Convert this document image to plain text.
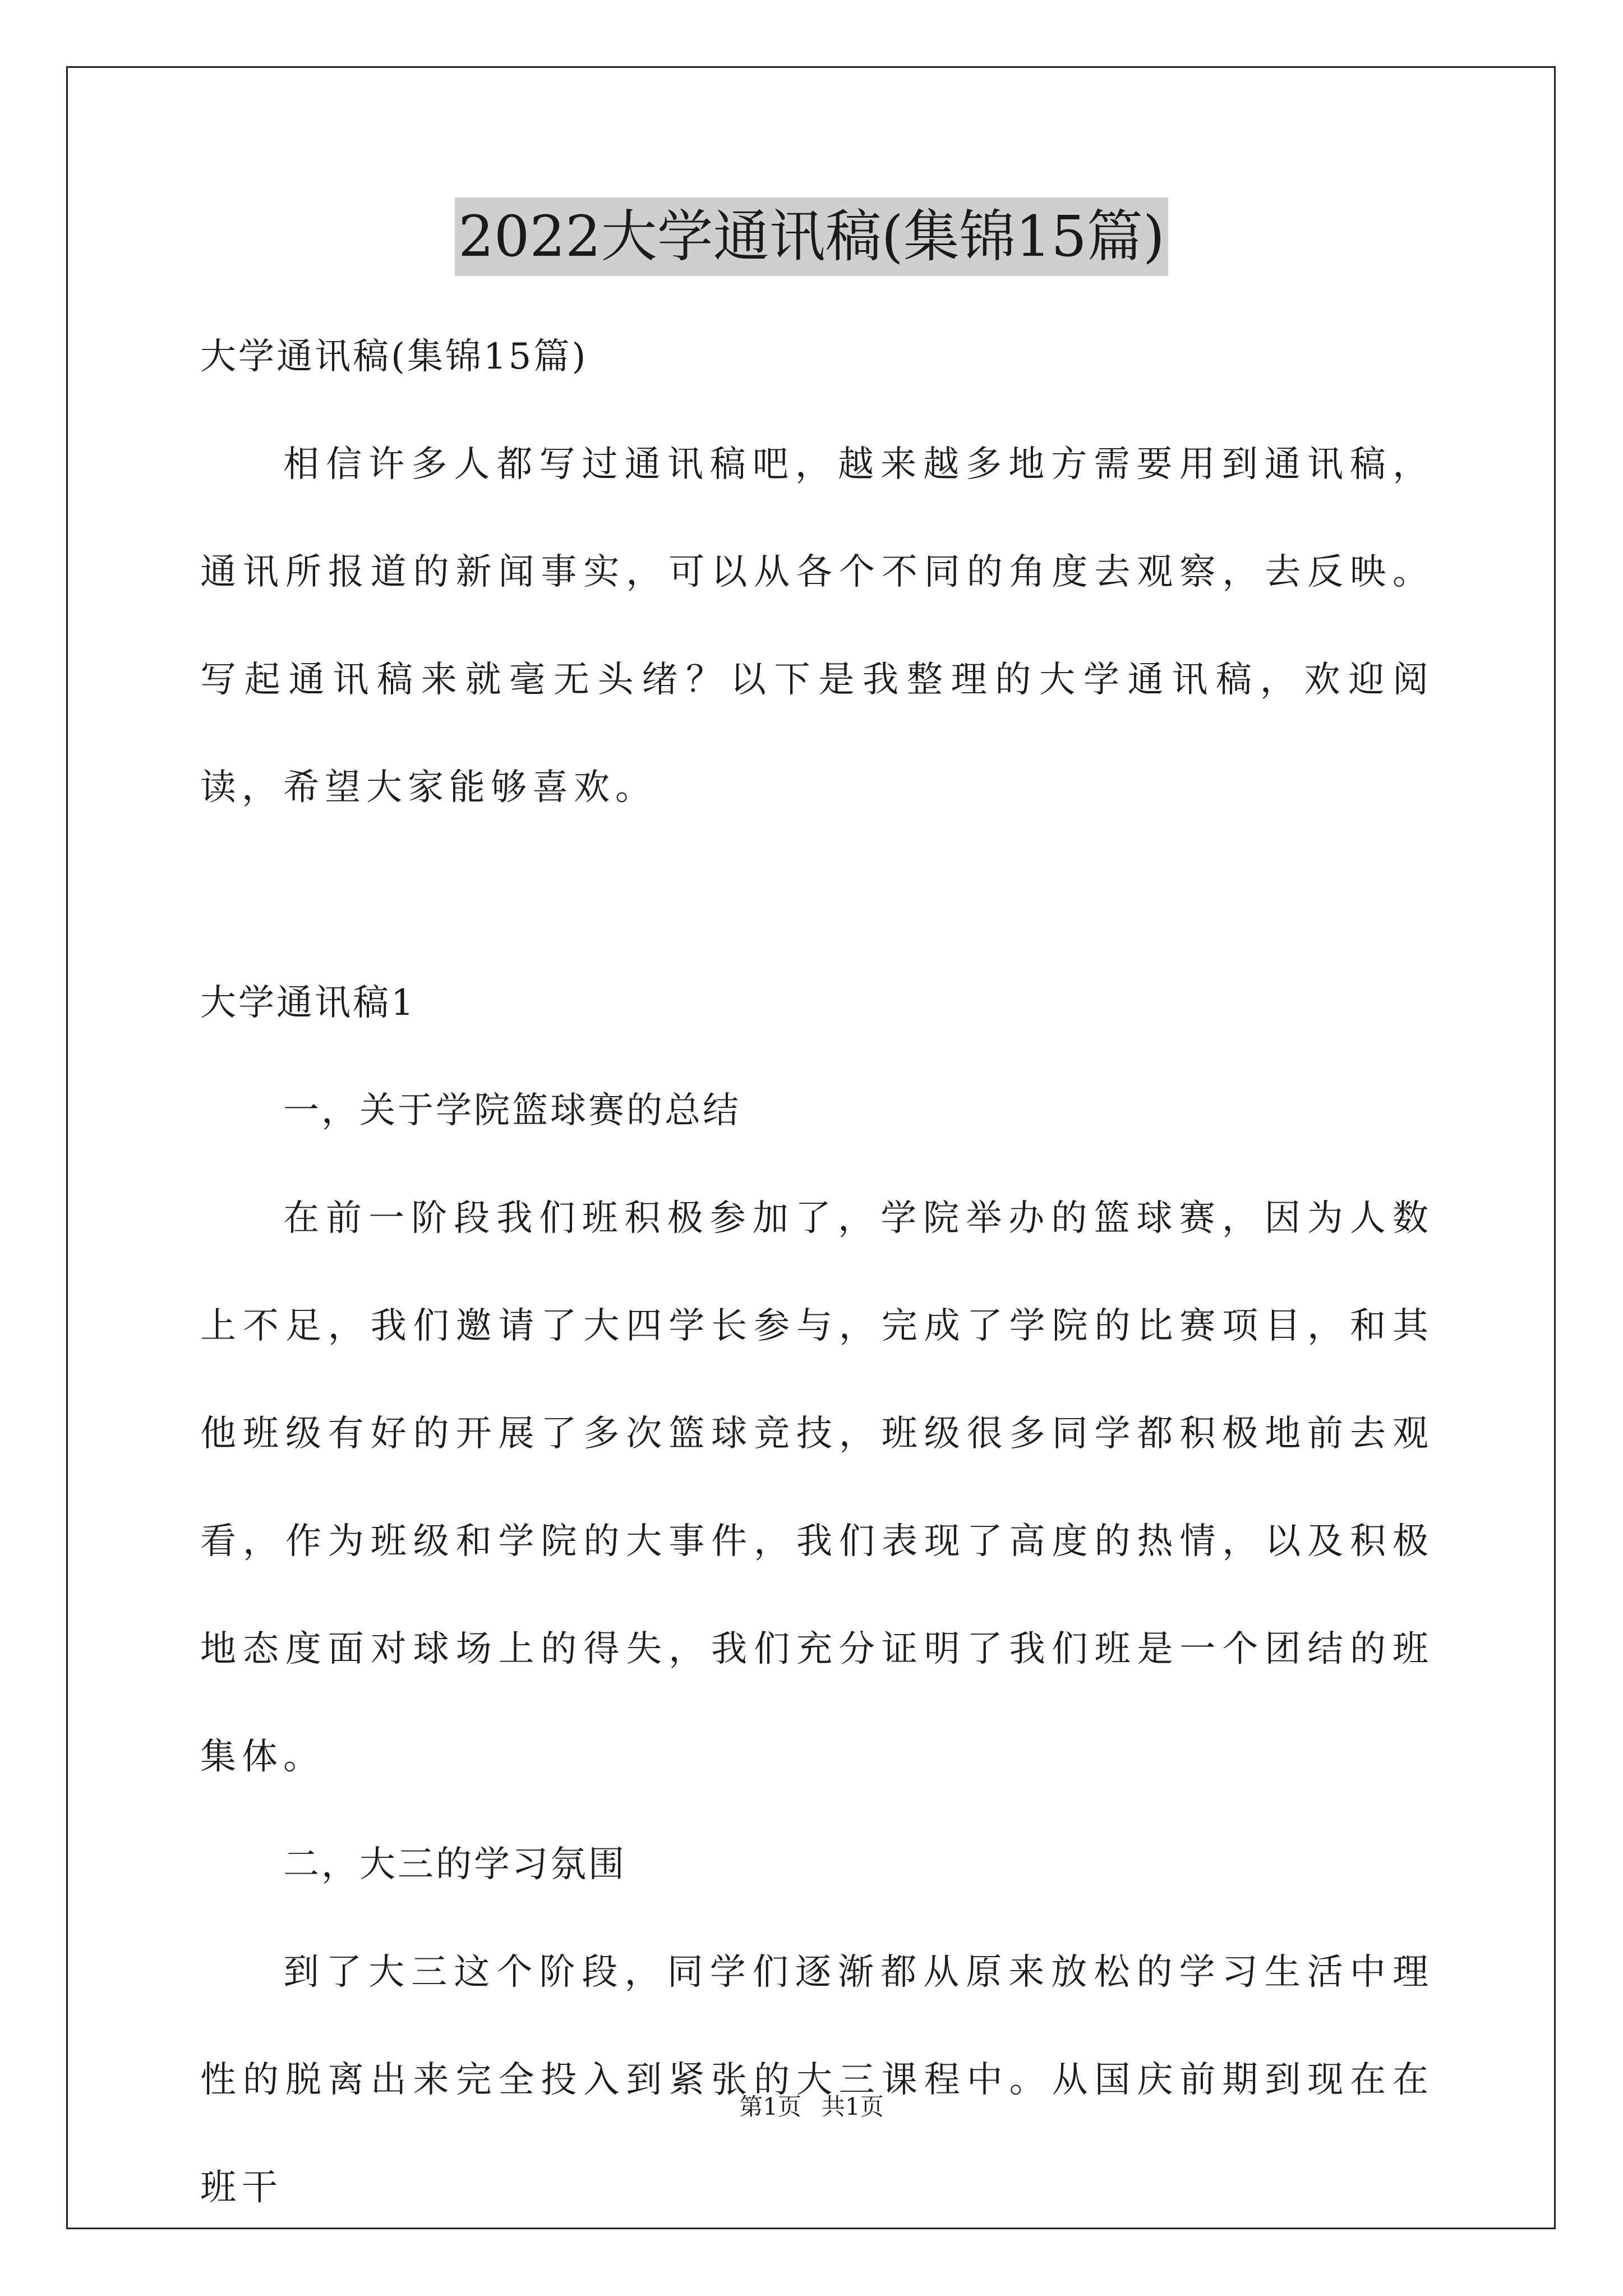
2022大学通讯稿(集锦15篇)
大学通讯稿(集锦15篇)

相信许多人都写过通讯稿吧，越来越多地方需要用到通讯稿，通讯所报道的新闻事实，可以从各个不同的角度去观察，去反映。写起通讯稿来就毫无头绪？以下是我整理的大学通讯稿，欢迎阅读，希望大家能够喜欢。

大学通讯稿1
一，关于学院篮球赛的总结

在前一阶段我们班积极参加了，学院举办的篮球赛，因为人数上不足，我们邀请了大四学长参与，完成了学院的比赛项目，和其他班级有好的开展了多次篮球竞技，班级很多同学都积极地前去观看，作为班级和学院的大事件，我们表现了高度的热情，以及积极地态度面对球场上的得失，我们充分证明了我们班是一个团结的班集体。

二，大三的学习氛围

到了大三这个阶段，同学们逐渐都从原来放松的学习生活中理性的脱离出来完全投入到紧张的大三课程中。从国庆前期到现在在班干

第1页 共1页
